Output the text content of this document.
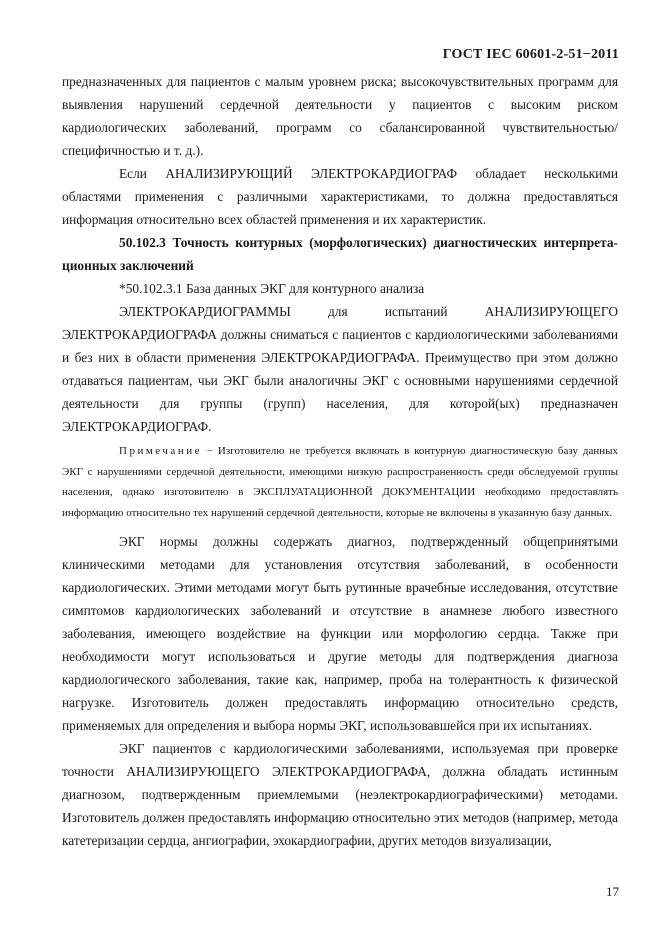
ГОСТ IEC 60601-2-51−2011

предназначенных для пациентов с малым уровнем риска; высокочувствительных программ для выявления нарушений сердечной деятельности у пациентов с высоким риском кардиологических заболеваний, программ со сбалансированной чувствительностью/специфичностью и т. д.).

Если АНАЛИЗИРУЮЩИЙ ЭЛЕКТРОКАРДИОГРАФ обладает несколькими областями применения с различными характеристиками, то должна предоставляться информация относительно всех областей применения и их характеристик.

50.102.3 Точность контурных (морфологических) диагностических интерпретационных заключений

*50.102.3.1 База данных ЭКГ для контурного анализа

ЭЛЕКТРОКАРДИОГРАММЫ для испытаний АНАЛИЗИРУЮЩЕГО ЭЛЕКТРОКАРДИОГРАФА должны сниматься с пациентов с кардиологическими заболеваниями и без них в области применения ЭЛЕКТРОКАРДИОГРАФА. Преимущество при этом должно отдаваться пациентам, чьи ЭКГ были аналогичны ЭКГ с основными нарушениями сердечной деятельности для группы (групп) населения, для которой(ых) предназначен ЭЛЕКТРОКАРДИОГРАФ.

Примечание − Изготовителю не требуется включать в контурную диагностическую базу данных ЭКГ с нарушениями сердечной деятельности, имеющими низкую распространенность среди обследуемой группы населения, однако изготовителю в ЭКСПЛУАТАЦИОННОЙ ДОКУМЕНТАЦИИ необходимо предоставлять информацию относительно тех нарушений сердечной деятельности, которые не включены в указанную базу данных.

ЭКГ нормы должны содержать диагноз, подтвержденный общепринятыми клиническими методами для установления отсутствия заболеваний, в особенности кардиологических. Этими методами могут быть рутинные врачебные исследования, отсутствие симптомов кардиологических заболеваний и отсутствие в анамнезе любого известного заболевания, имеющего воздействие на функции или морфологию сердца. Также при необходимости могут использоваться и другие методы для подтверждения диагноза кардиологического заболевания, такие как, например, проба на толерантность к физической нагрузке. Изготовитель должен предоставлять информацию относительно средств, применяемых для определения и выбора нормы ЭКГ, использовавшейся при их испытаниях.

ЭКГ пациентов с кардиологическими заболеваниями, используемая при проверке точности АНАЛИЗИРУЮЩЕГО ЭЛЕКТРОКАРДИОГРАФА, должна обладать истинным диагнозом, подтвержденным приемлемыми (неэлектрокардиографическими) методами. Изготовитель должен предоставлять информацию относительно этих методов (например, метода катетеризации сердца, ангиографии, эхокардиографии, других методов визуализации,

17
